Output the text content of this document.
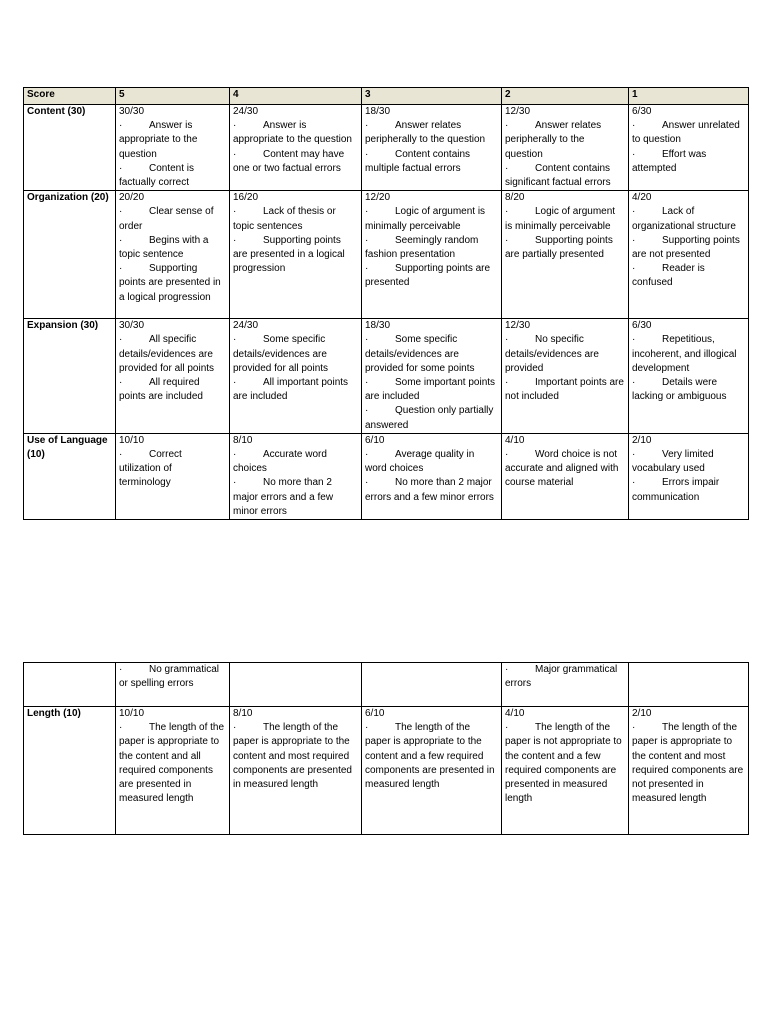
Score	5	4	3	2	1
Content (30)	30/30
· Answer is appropriate to the question
· Content is factually correct	24/30
· Answer is appropriate to the question
· Content may have one or two factual errors	18/30
· Answer relates peripherally to the question
· Content contains multiple factual errors	12/30
· Answer relates peripherally to the question
· Content contains significant factual errors	6/30
· Answer unrelated to question
· Effort was attempted

Organization (20)	20/20
· Clear sense of order
· Begins with a topic sentence
· Supporting points are presented in a logical progression	16/20
· Lack of thesis or topic sentences
· Supporting points are presented in a logical progression	12/20
· Logic of argument is minimally perceivable
· Seemingly random fashion presentation
· Supporting points are presented	8/20
· Logic of argument is minimally perceivable
· Supporting points are partially presented	4/20
· Lack of organizational structure
· Supporting points are not presented
· Reader is confused

Expansion (30)	30/30
· All specific details/evidences are provided for all points
· All required points are included	24/30
· Some specific details/evidences are provided for all points
· All important points are included	18/30
· Some specific details/evidences are provided for some points
· Some important points are included
· Question only partially answered	12/30
· No specific details/evidences are provided
· Important points are not included	6/30
· Repetitious, incoherent, and illogical development
· Details were lacking or ambiguous

Use of Language (10)	10/10
· Correct utilization of terminology	8/10
· Accurate word choices
· No more than 2 major errors and a few minor errors	6/10
· Average quality in word choices
· No more than 2 major errors and a few minor errors	4/10
· Word choice is not accurate and aligned with course material	2/10
· Very limited vocabulary used
· Errors impair communication

	· No grammatical or spelling errors			· Major grammatical errors	

Length (10)	10/10
· The length of the paper is appropriate to the content and all required components are presented in measured length	8/10
· The length of the paper is appropriate to the content and most required components are presented in measured length	6/10
· The length of the paper is appropriate to the content and a few required components are presented in measured length	4/10
· The length of the paper is not appropriate to the content and a few required components are presented in measured length	2/10
· The length of the paper is appropriate to the content and most required components are not presented in measured length
